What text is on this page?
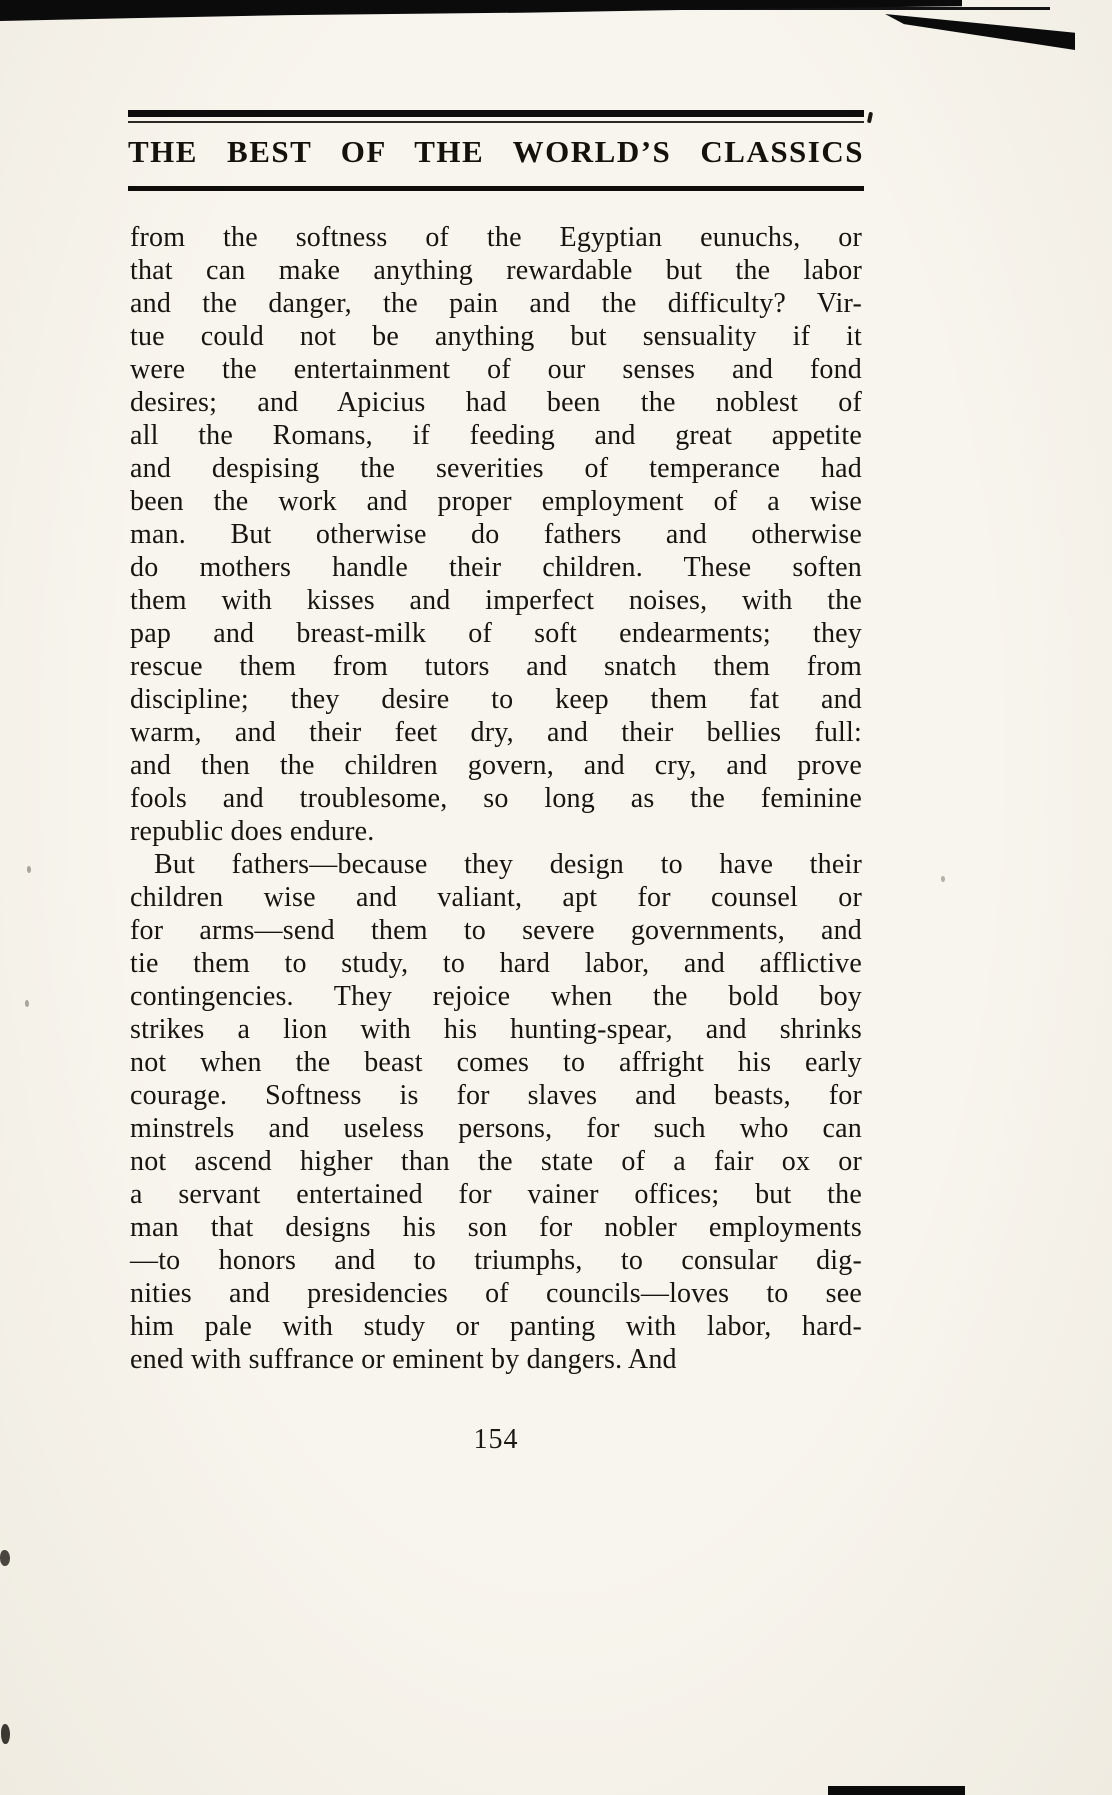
THE BEST OF THE WORLD’S CLASSICS
from the softness of the Egyptian eunuchs, or
that can make anything rewardable but the labor
and the danger, the pain and the difficulty? Vir-
tue could not be anything but sensuality if it
were the entertainment of our senses and fond
desires; and Apicius had been the noblest of
all the Romans, if feeding and great appetite
and despising the severities of temperance had
been the work and proper employment of a wise
man. But otherwise do fathers and otherwise
do mothers handle their children. These soften
them with kisses and imperfect noises, with the
pap and breast-milk of soft endearments; they
rescue them from tutors and snatch them from
discipline; they desire to keep them fat and
warm, and their feet dry, and their bellies full:
and then the children govern, and cry, and prove
fools and troublesome, so long as the feminine
republic does endure.
But fathers—because they design to have their
children wise and valiant, apt for counsel or
for arms—send them to severe governments, and
tie them to study, to hard labor, and afflictive
contingencies. They rejoice when the bold boy
strikes a lion with his hunting-spear, and shrinks
not when the beast comes to affright his early
courage. Softness is for slaves and beasts, for
minstrels and useless persons, for such who can
not ascend higher than the state of a fair ox or
a servant entertained for vainer offices; but the
man that designs his son for nobler employments
—to honors and to triumphs, to consular dig-
nities and presidencies of councils—loves to see
him pale with study or panting with labor, hard-
ened with suffrance or eminent by dangers. And
154
